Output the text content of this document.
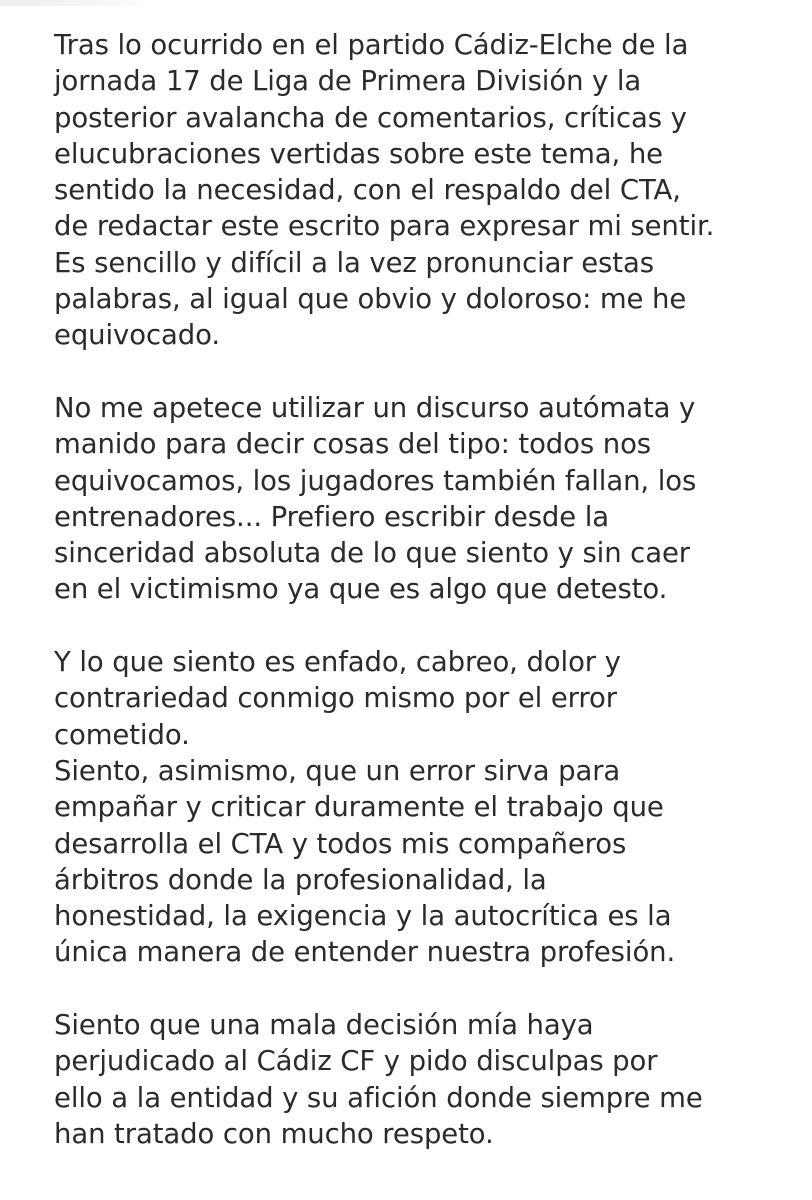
Tras lo ocurrido en el partido Cádiz-Elche de la
jornada 17 de Liga de Primera División y la
posterior avalancha de comentarios, críticas y
elucubraciones vertidas sobre este tema, he
sentido la necesidad, con el respaldo del CTA,
de redactar este escrito para expresar mi sentir.
Es sencillo y difícil a la vez pronunciar estas
palabras, al igual que obvio y doloroso: me he
equivocado.
No me apetece utilizar un discurso autómata y
manido para decir cosas del tipo: todos nos
equivocamos, los jugadores también fallan, los
entrenadores... Prefiero escribir desde la
sinceridad absoluta de lo que siento y sin caer
en el victimismo ya que es algo que detesto.
Y lo que siento es enfado, cabreo, dolor y
contrariedad conmigo mismo por el error
cometido.
Siento, asimismo, que un error sirva para
empañar y criticar duramente el trabajo que
desarrolla el CTA y todos mis compañeros
árbitros donde la profesionalidad, la
honestidad, la exigencia y la autocrítica es la
única manera de entender nuestra profesión.
Siento que una mala decisión mía haya
perjudicado al Cádiz CF y pido disculpas por
ello a la entidad y su afición donde siempre me
han tratado con mucho respeto.
